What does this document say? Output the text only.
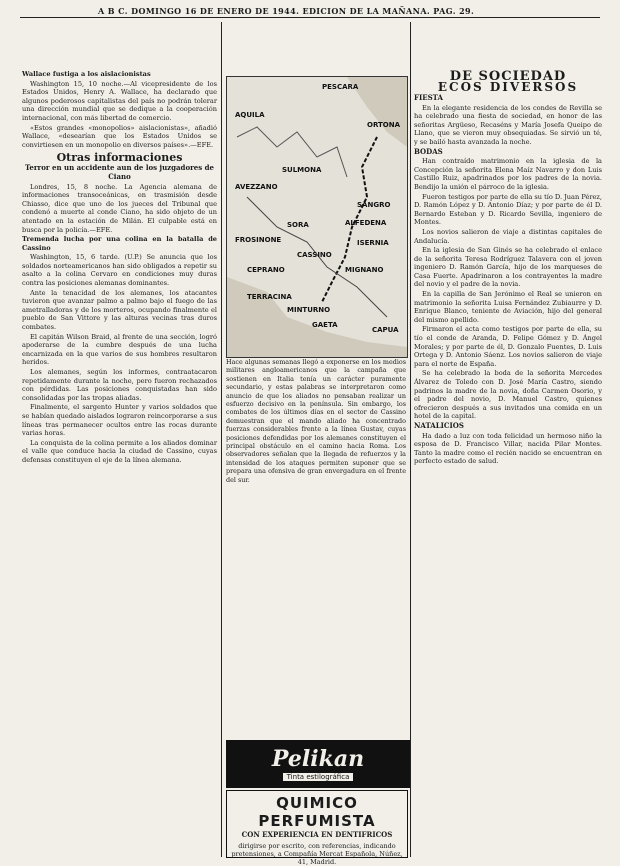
A B C. DOMINGO 16 DE ENERO DE 1944. EDICION DE LA MAÑANA. PAG. 29.

Wallace fustiga a los aislacionistas

Washington 15, 10 noche.—Al vicepresidente de los Estados Unidos, Henry A. Wallace, ha declarado que algunos poderosos capitalistas del país no podrán tolerar una dirección mundial que se dedique a la cooperación internacional, con más libertad de comercio.

«Estos grandes «monopolios» aislacionistas», añadió Wallace, «desearían que los Estados Unidos se convirtiesen en un monopolio en diversos países».—EFE.

Otras informaciones

Terror en un accidente aun de los juzgadores de Ciano

Londres, 15, 8 noche. La Agencia alemana de informaciones transoceánicas, en trasmisión desde Chiasso, dice que uno de los jueces del Tribunal que condenó a muerte al conde Ciano, ha sido objeto de un atentado en la estación de Milán. El culpable está en busca por la policía.—EFE.

Tremenda lucha por una colina en la batalla de Cassino

Washington, 15, 6 tarde. (U.P.) Se anuncia que los soldados norteamericanos han sido obligados a repetir su asalto a la colina Cervaro en condiciones muy duras contra las posiciones alemanas dominantes.

Ante la tenacidad de los alemanes, los atacantes tuvieron que avanzar palmo a palmo bajo el fuego de las ametralladoras y de los morteros, ocupando finalmente el pueblo de San Vittore y las alturas vecinas tras duros combates.

El capitán Wilson Braid, al frente de una sección, logró apoderarse de la cumbre después de una lucha encarnizada en la que varios de sus hombres resultaron heridos.

Los alemanes, según los informes, contraatacaron repetidamente durante la noche, pero fueron rechazados con pérdidas. Las posiciones conquistadas han sido consolidadas por las tropas aliadas.

Finalmente, el sargento Hunter y varios soldados que se habían quedado aislados lograron reincorporarse a sus líneas tras permanecer ocultos entre las rocas durante varias horas.

La conquista de la colina permite a los aliados dominar el valle que conduce hacia la ciudad de Cassino, cuyas defensas constituyen el eje de la línea alemana.

PESCARA
AQUILA
ORTONA
SULMONA
AVEZZANO
SANGRO
ALFEDENA
SORA
FROSINONE	ISERNIA
CASSINO
CEPRANO	MIGNANO
TERRACINA
MINTURNO
GAETA
CAPUA
Hace algunas semanas llegó a exponerse en los medios militares angloamericanos que la campaña que sostienen en Italia tenía un carácter puramente secundario, y estas palabras se interpretaron como anuncio de que los aliados no pensaban realizar un esfuerzo decisivo en la península. Sin embargo, los combates de los últimos días en el sector de Cassino demuestran que el mando aliado ha concentrado fuerzas considerables frente a la línea Gustav, cuyas posiciones defendidas por los alemanes constituyen el principal obstáculo en el camino hacia Roma. Los observadores señalan que la llegada de refuerzos y la intensidad de los ataques permiten suponer que se prepara una ofensiva de gran envergadura en el frente del sur.
Pelikan
Tinta estilográfica
QUIMICO PERFUMISTA
CON EXPERIENCIA EN DENTIFRICOS
dirigirse por escrito, con referencias, indicando pretensiones, a Compañía Mercat Española, Núñez, 41, Madrid.
DE SOCIEDAD
ECOS DIVERSOS

FIESTA

En la elegante residencia de los condes de Revilla se ha celebrado una fiesta de sociedad, en honor de las señoritas Argüeso, Recaséns y María Josefa Queipo de Llano, que se vieron muy obsequiadas. Se sirvió un té, y se bailó hasta avanzada la noche.

BODAS

Han contraído matrimonio en la iglesia de la Concepción la señorita Elena Maíz Navarro y don Luis Castillo Ruiz, apadrinados por los padres de la novia. Bendijo la unión el párroco de la iglesia.

Fueron testigos por parte de ella su tío D. Juan Pérez, D. Ramón López y D. Antonio Díaz; y por parte de él D. Bernardo Esteban y D. Ricardo Sevilla, ingeniero de Montes.

Los novios salieron de viaje a distintas capitales de Andalucía.

En la iglesia de San Ginés se ha celebrado el enlace de la señorita Teresa Rodríguez Talavera con el joven ingeniero D. Ramón García, hijo de los marqueses de Casa Fuerte. Apadrinaron a los contrayentes la madre del novio y el padre de la novia.

En la capilla de San Jerónimo el Real se unieron en matrimonio la señorita Luisa Fernández Zubiaurre y D. Enrique Blanco, teniente de Aviación, hijo del general del mismo apellido.

Firmaron el acta como testigos por parte de ella, su tío el conde de Aranda, D. Felipe Gómez y D. Ángel Morales; y por parte de él, D. Gonzalo Fuentes, D. Luis Ortega y D. Antonio Sáenz. Los novios salieron de viaje para el norte de España.

Se ha celebrado la boda de la señorita Mercedes Álvarez de Toledo con D. José María Castro, siendo padrinos la madre de la novia, doña Carmen Osorio, y el padre del novio, D. Manuel Castro, quienes ofrecieron después a sus invitados una comida en un hotel de la capital.

NATALICIOS

Ha dado a luz con toda felicidad un hermoso niño la esposa de D. Francisco Villar, nacida Pilar Montes. Tanto la madre como el recién nacido se encuentran en perfecto estado de salud.
